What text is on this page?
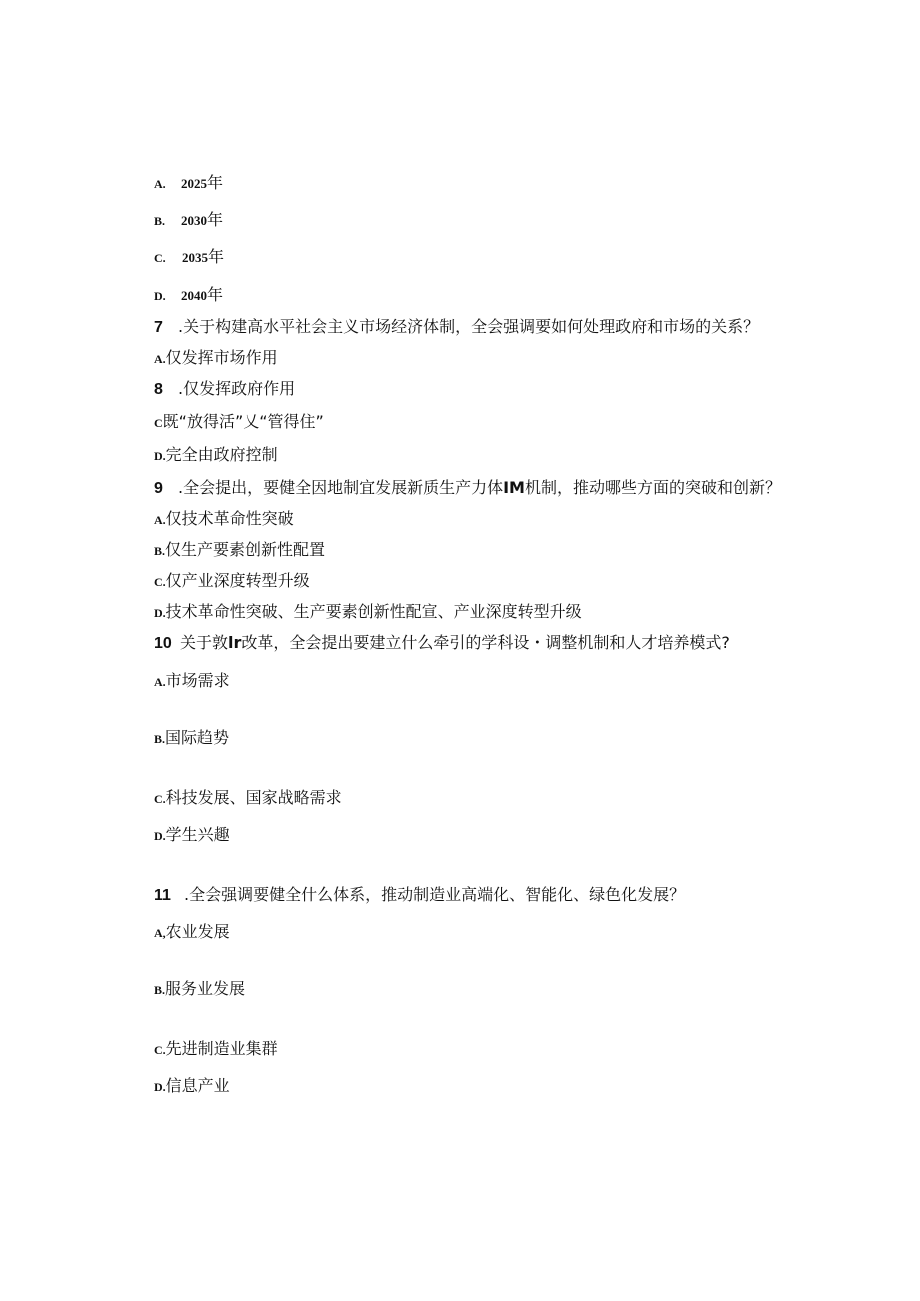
A. 2025年
B. 2030年
C. 2035年
D. 2040年
7 .关于构建高水平社会主义市场经济体制，全会强调要如何处理政府和市场的关系？
A.仅发挥市场作用
8 .仅发挥政府作用
C既“放得活”乂“管得住”
D.完全由政府控制
9 .全会提出，要健全因地制宜发展新质生产力体IM机制，推动哪些方面的突破和创新？
A.仅技术革命性突破
B.仅生产要素创新性配置
C.仅产业深度转型升级
D.技术革命性突破、生产要素创新性配宣、产业深度转型升级
10 关于敦lr改革，全会提出要建立什么牵引的学科设・调整机制和人才培养模式?
A.市场需求
B.国际趋势
C.科技发展、国家战略需求
D.学生兴趣
11 .全会强调要健全什么体系，推动制造业高端化、智能化、绿色化发展？
A,农业发展
B.服务业发展
C.先进制造业集群
D.信息产业
